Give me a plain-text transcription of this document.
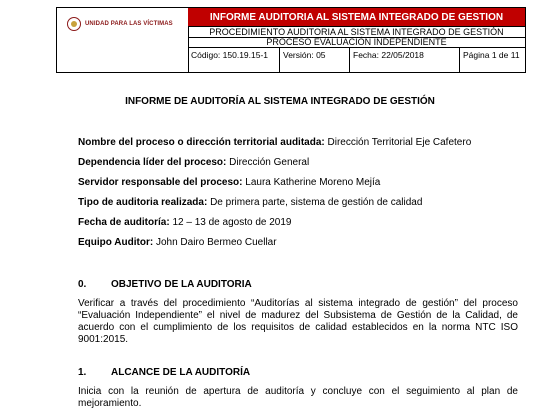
UNIDAD PARA LAS VÍCTIMAS
INFORME AUDITORIA AL SISTEMA INTEGRADO DE GESTION
PROCEDIMIENTO AUDITORIA AL SISTEMA INTEGRADO DE GESTIÓN
PROCESO EVALUACIÓN INDEPENDIENTE
Código: 150.19.15-1	Versión: 05	Fecha: 22/05/2018	Página 1 de 11
INFORME DE AUDITORÍA AL SISTEMA INTEGRADO DE GESTIÓN
Nombre del proceso o dirección territorial auditada: Dirección Territorial Eje Cafetero
Dependencia líder del proceso: Dirección General
Servidor responsable del proceso: Laura Katherine Moreno Mejía
Tipo de auditoria realizada: De primera parte, sistema de gestión de calidad
Fecha de auditoría: 12 – 13 de agosto de 2019
Equipo Auditor: John Dairo Bermeo Cuellar
0. OBJETIVO DE LA AUDITORIA
Verificar a través del procedimiento “Auditorías al sistema integrado de gestión” del proceso “Evaluación Independiente” el nivel de madurez del Subsistema de Gestión de la Calidad, de acuerdo con el cumplimiento de los requisitos de calidad establecidos en la norma NTC ISO 9001:2015.
1. ALCANCE DE LA AUDITORÍA
Inicia con la reunión de apertura de auditoría y concluye con el seguimiento al plan de mejoramiento.
